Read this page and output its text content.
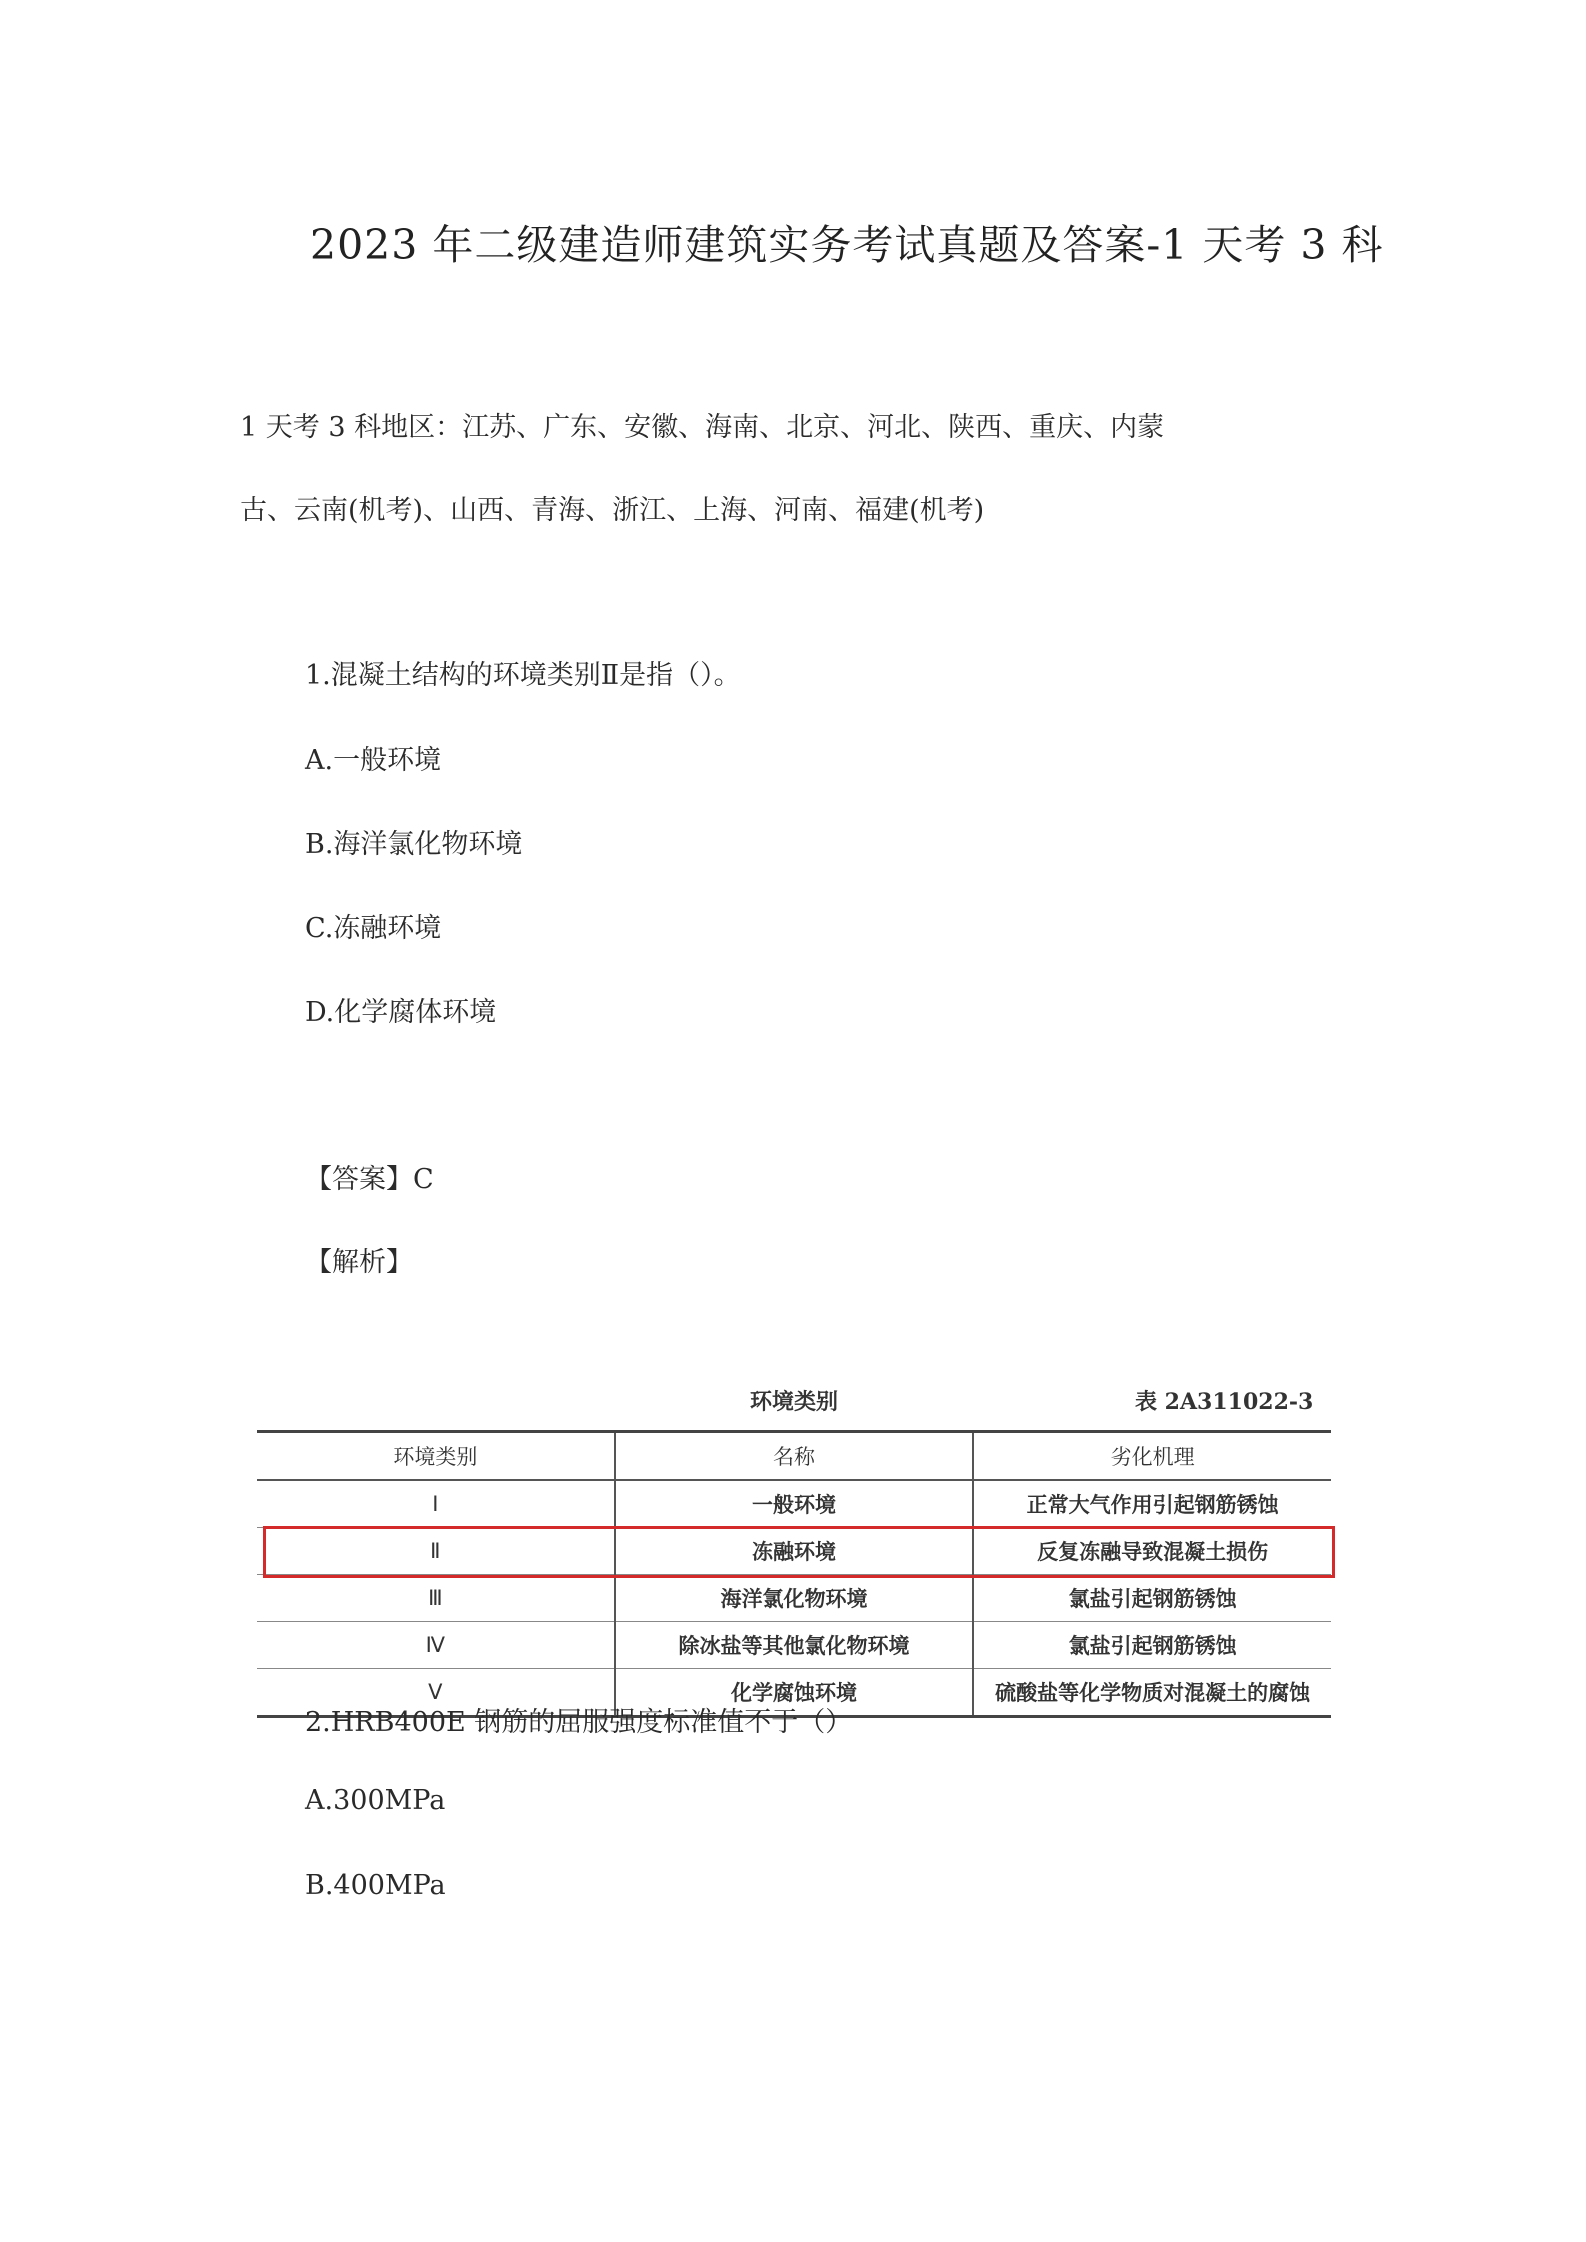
2023 年二级建造师建筑实务考试真题及答案-1 天考 3 科
1 天考 3 科地区：江苏、广东、安徽、海南、北京、河北、陕西、重庆、内蒙
古、云南(机考)、山西、青海、浙江、上海、河南、福建(机考)
1.混凝土结构的环境类别Ⅱ是指（）。
A.一般环境
B.海洋氯化物环境
C.冻融环境
D.化学腐体环境
【答案】C
【解析】
环境类别	表 2A311022-3
环境类别	名称	劣化机理
Ⅰ	一般环境	正常大气作用引起钢筋锈蚀
Ⅱ	冻融环境	反复冻融导致混凝土损伤
Ⅲ	海洋氯化物环境	氯盐引起钢筋锈蚀
Ⅳ	除冰盐等其他氯化物环境	氯盐引起钢筋锈蚀
Ⅴ	化学腐蚀环境	硫酸盐等化学物质对混凝土的腐蚀
2.HRB400E 钢筋的屈服强度标准值不于（）
A.300MPa
B.400MPa
